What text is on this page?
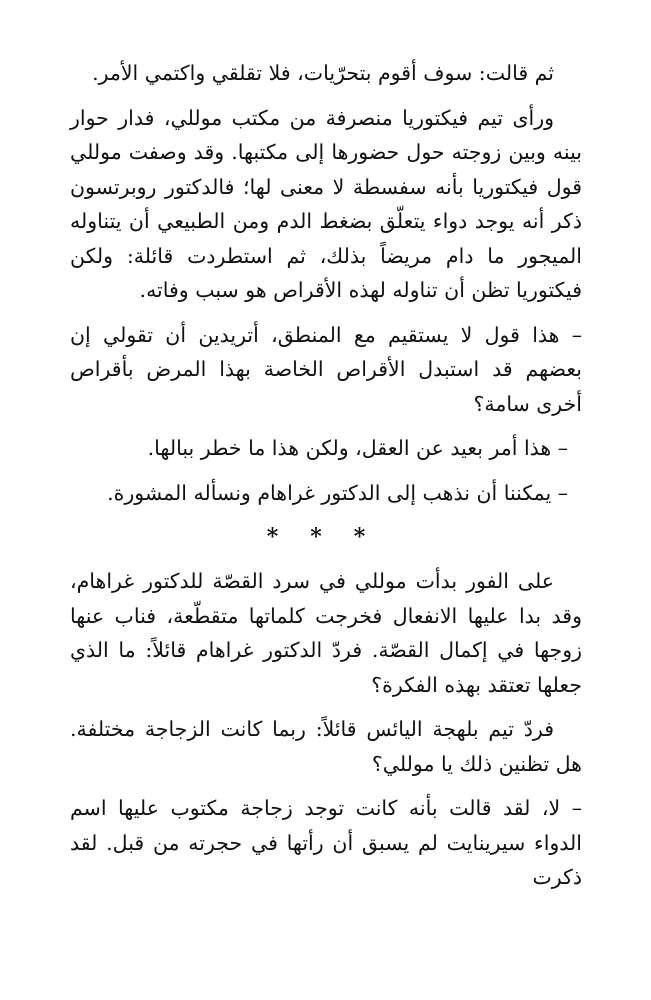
ثم قالت: سوف أقوم بتحرّيات، فلا تقلقي واكتمي الأمر.

ورأى تيم فيكتوريا منصرفة من مكتب موللي، فدار حوار بينه وبين زوجته حول حضورها إلى مكتبها. وقد وصفت موللي قول فيكتوريا بأنه سفسطة لا معنى لها؛ فالدكتور روبرتسون ذكر أنه يوجد دواء يتعلّق بضغط الدم ومن الطبيعي أن يتناوله الميجور ما دام مريضاً بذلك، ثم استطردت قائلة: ولكن فيكتوريا تظن أن تناوله لهذه الأقراص هو سبب وفاته.

– هذا قول لا يستقيم مع المنطق، أتريدين أن تقولي إن بعضهم قد استبدل الأقراص الخاصة بهذا المرض بأقراص أخرى سامة؟

– هذا أمر بعيد عن العقل، ولكن هذا ما خطر ببالها.

– يمكننا أن نذهب إلى الدكتور غراهام ونسأله المشورة.

* * *

على الفور بدأت موللي في سرد القصّة للدكتور غراهام، وقد بدا عليها الانفعال فخرجت كلماتها متقطّعة، فناب عنها زوجها في إكمال القصّة. فردّ الدكتور غراهام قائلاً: ما الذي جعلها تعتقد بهذه الفكرة؟

فردّ تيم بلهجة اليائس قائلاً: ربما كانت الزجاجة مختلفة. هل تظنين ذلك يا موللي؟

– لا، لقد قالت بأنه كانت توجد زجاجة مكتوب عليها اسم الدواء سيرينايت لم يسبق أن رأتها في حجرته من قبل. لقد ذكرت
